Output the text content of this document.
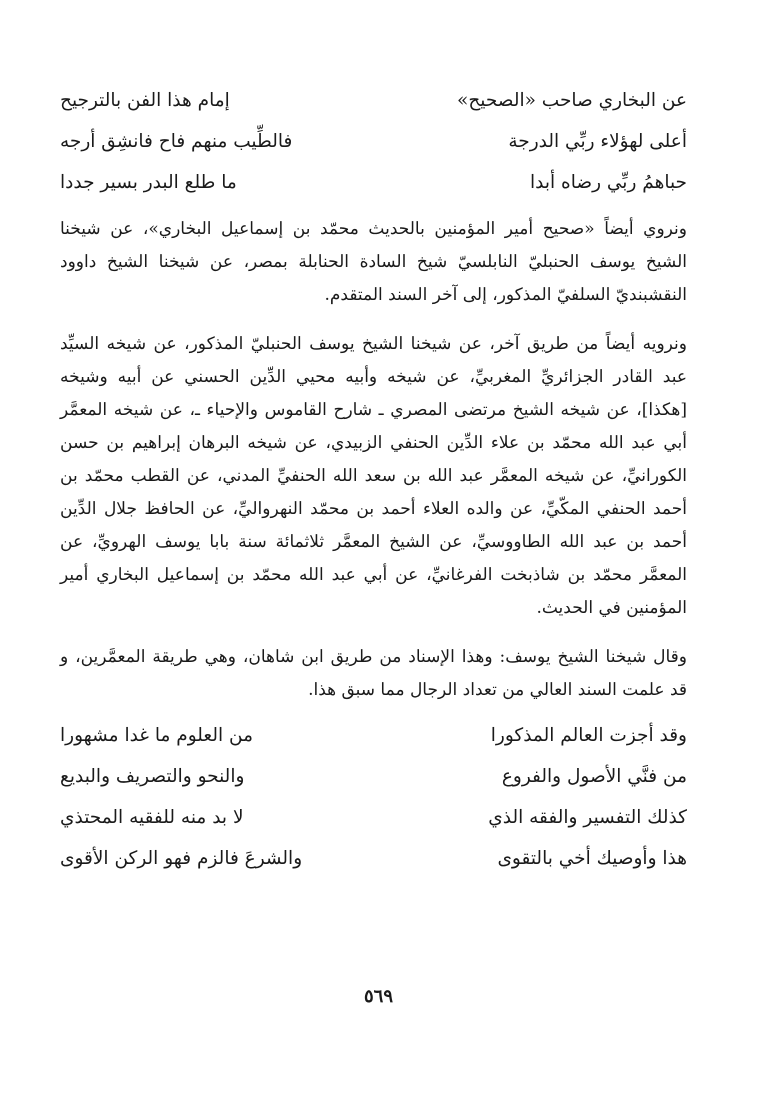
عن البخاري صاحب «الصحيح»
إمام هذا الفن بالترجيح
أعلى لهؤلاء ربِّي الدرجة
فالطِّيب منهم فاح فانشِق أرجه
حباهمُ ربِّي رضاه أبدا
ما طلع البدر بسير جددا

ونروي أيضاً «صحيح أمير المؤمنين بالحديث محمّد بن إسماعيل البخاري»، عن شيخنا الشيخ يوسف الحنبليّ النابلسيّ شيخ السادة الحنابلة بمصر، عن شيخنا الشيخ داوود النقشبنديّ السلفيّ المذكور، إلى آخر السند المتقدم.

ونرويه أيضاً من طريق آخر، عن شيخنا الشيخ يوسف الحنبليّ المذكور، عن شيخه السيِّد عبد القادر الجزائريِّ المغربيِّ، عن شيخه وأبيه محيي الدِّين الحسني عن أبيه وشيخه [هكذا]، عن شيخه الشيخ مرتضى المصري ـ شارح القاموس والإحياء ـ، عن شيخه المعمَّر أبي عبد الله محمّد بن علاء الدِّين الحنفي الزبيدي، عن شيخه البرهان إبراهيم بن حسن الكورانيِّ، عن شيخه المعمَّر عبد الله بن سعد الله الحنفيِّ المدني، عن القطب محمّد بن أحمد الحنفي المكّيِّ، عن والده العلاء أحمد بن محمّد النهرواليِّ، عن الحافظ جلال الدِّين أحمد بن عبد الله الطاووسيِّ، عن الشيخ المعمَّر ثلاثمائة سنة بابا يوسف الهرويِّ، عن المعمَّر محمّد بن شاذبخت الفرغانيِّ، عن أبي عبد الله محمّد بن إسماعيل البخاري أمير المؤمنين في الحديث.

وقال شيخنا الشيخ يوسف: وهذا الإسناد من طريق ابن شاهان، وهي طريقة المعمَّرين، و قد علمت السند العالي من تعداد الرجال مما سبق هذا.

وقد أجزت العالم المذكورا
من العلوم ما غدا مشهورا
من فنَّي الأصول والفروع
والنحو والتصريف والبديع
كذلك التفسير والفقه الذي
لا بد منه للفقيه المحتذي
هذا وأوصيك أخي بالتقوى
والشرعَ فالزم فهو الركن الأقوى
٥٦٩
